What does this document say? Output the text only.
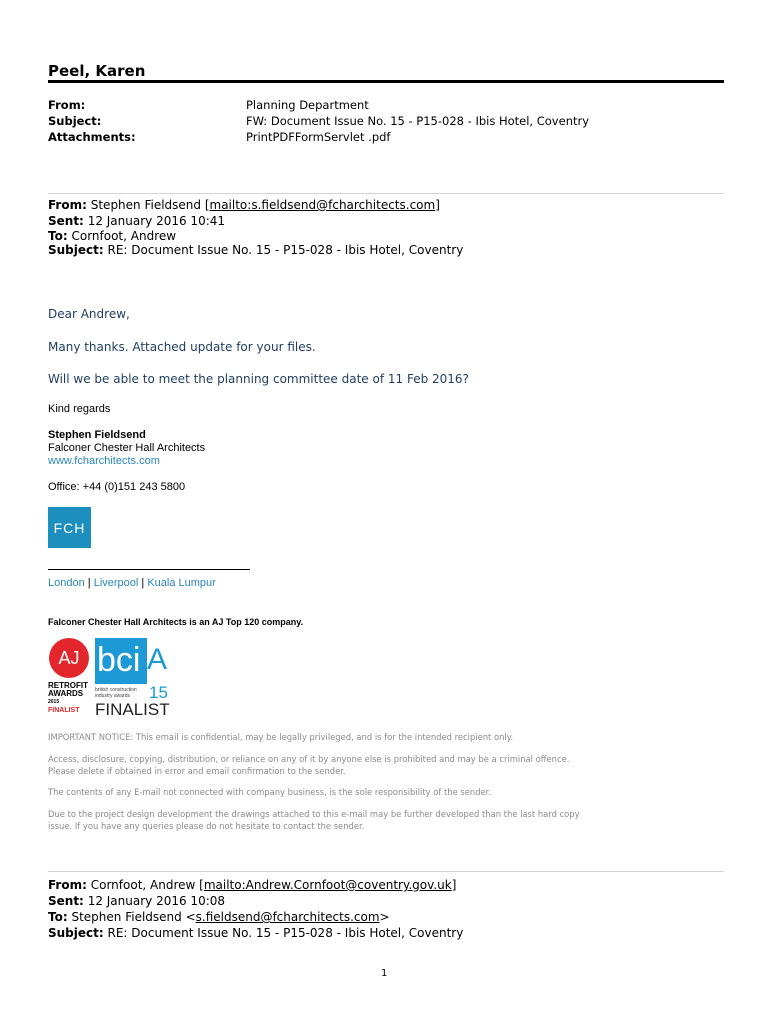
Peel, Karen
From:	Planning Department
Subject:	FW: Document Issue No. 15 - P15-028 - Ibis Hotel, Coventry
Attachments:	PrintPDFFormServlet .pdf
From: Stephen Fieldsend [mailto:s.fieldsend@fcharchitects.com]
Sent: 12 January 2016 10:41
To: Cornfoot, Andrew
Subject: RE: Document Issue No. 15 - P15-028 - Ibis Hotel, Coventry
Dear Andrew,
Many thanks. Attached update for your files.
Will we be able to meet the planning committee date of 11 Feb 2016?
Kind regards
Stephen Fieldsend
Falconer Chester Hall Architects
www.fcharchitects.com
Office: +44 (0)151 243 5800
FCH
London | Liverpool | Kuala Lumpur
Falconer Chester Hall Architects is an AJ Top 120 company.
AJ
RETROFIT
AWARDS
2015
FINALIST
bci A
british construction
industry awards 15
FINALIST
IMPORTANT NOTICE: This email is confidential, may be legally privileged, and is for the intended recipient only.
Access, disclosure, copying, distribution, or reliance on any of it by anyone else is prohibited and may be a criminal offence.
Please delete if obtained in error and email confirmation to the sender.
The contents of any E-mail not connected with company business, is the sole responsibility of the sender.
Due to the project design development the drawings attached to this e-mail may be further developed than the last hard copy
issue. If you have any queries please do not hesitate to contact the sender.
From: Cornfoot, Andrew [mailto:Andrew.Cornfoot@coventry.gov.uk]
Sent: 12 January 2016 10:08
To: Stephen Fieldsend <s.fieldsend@fcharchitects.com>
Subject: RE: Document Issue No. 15 - P15-028 - Ibis Hotel, Coventry
1
